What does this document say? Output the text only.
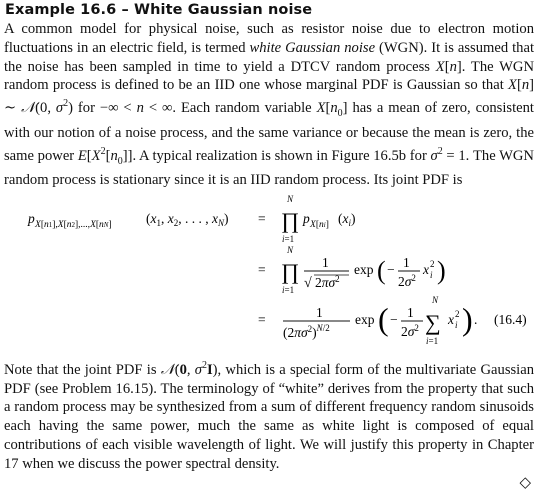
Example 16.6 – White Gaussian noise

A common model for physical noise, such as resistor noise due to electron motion fluctuations in an electric field, is termed white Gaussian noise (WGN). It is assumed that the noise has been sampled in time to yield a DTCV random process X[n]. The WGN random process is defined to be an IID one whose marginal PDF is Gaussian so that X[n] ∼ 𝒩(0, $\sigma^2$) for −∞ < n < ∞. Each random variable $X[n_0]$ has a mean of zero, consistent with our notion of a noise process, and the same variance or because the mean is zero, the same power $E[X^2[n_0]]$. A typical realization is shown in Figure 16.5b for $\sigma^2 = 1$. The WGN random process is stationary since it is an IID random process. Its joint PDF is

p X[n1],X[n2],...,X[nN]	($x_1$, $x_2$, . . . , $x_N$) =
N
∏
i=1
p X[ni] $(x_i)$
=
N
∏
i=1
1
√ $2\pi\sigma^2$
exp ( − 1
$2\sigma^2$
x 2
i )
=	1
$(2\pi\sigma^2)^N/2$
exp ( − 1
$2\sigma^2$
N
∑
i=1
x 2
i ) . (16.4)

Note that the joint PDF is 𝒩(0, $\sigma^2I$), which is a special form of the multivariate Gaussian PDF (see Problem 16.15). The terminology of “white” derives from the property that such a random process may be synthesized from a sum of different frequency random sinusoids each having the same power, much the same as white light is composed of equal contributions of each visible wavelength of light. We will justify this property in Chapter 17 when we discuss the power spectral density.

◇
